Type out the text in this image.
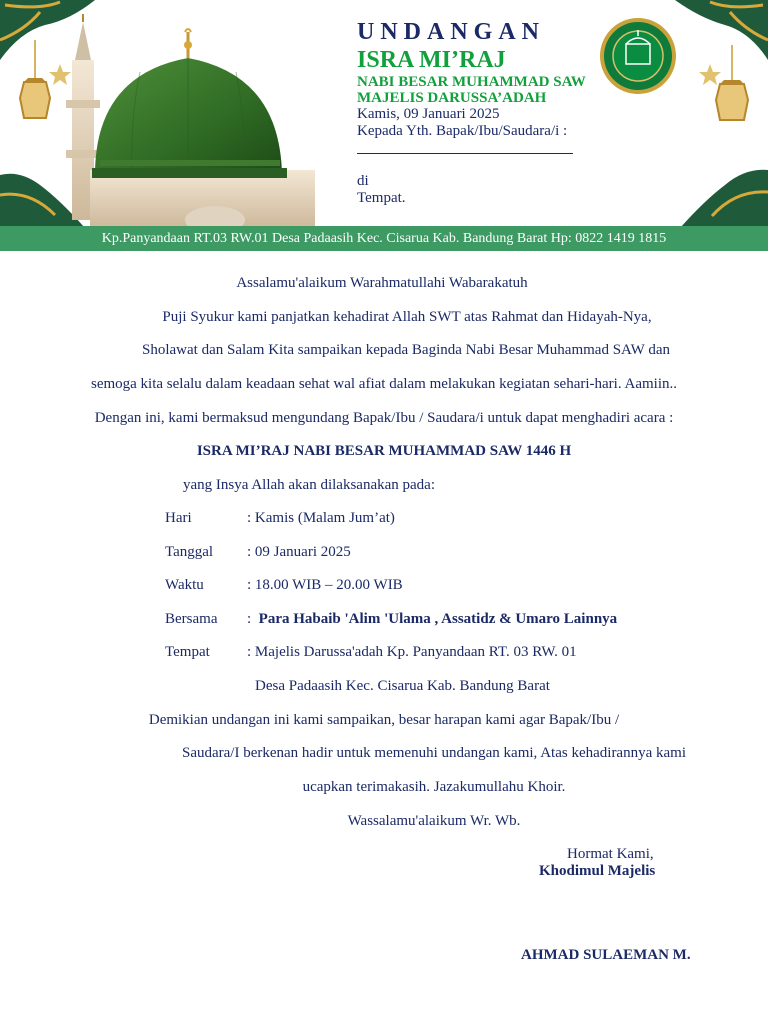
UNDANGAN
ISRA MI’RAJ
NABI BESAR MUHAMMAD SAW
MAJELIS DARUSSA’ADAH
Kamis, 09 Januari 2025
Kepada Yth. Bapak/Ibu/Saudara/i :
di
Tempat.
Kp.Panyandaan RT.03 RW.01 Desa Padaasih Kec. Cisarua Kab. Bandung Barat Hp: 0822 1419 1815
Assalamu'alaikum Warahmatullahi Wabarakatuh
Puji Syukur kami panjatkan kehadirat Allah SWT atas Rahmat dan Hidayah-Nya,
Sholawat dan Salam Kita sampaikan kepada Baginda Nabi Besar Muhammad SAW dan
semoga kita selalu dalam keadaan sehat wal afiat dalam melakukan kegiatan sehari-hari. Aamiin..
Dengan ini, kami bermaksud mengundang Bapak/Ibu / Saudara/i untuk dapat menghadiri acara :
ISRA MI’RAJ NABI BESAR MUHAMMAD SAW 1446 H
yang Insya Allah akan dilaksanakan pada:
Hari	: Kamis (Malam Jum’at)
Tanggal : 09 Januari 2025
Waktu	: 18.00 WIB – 20.00 WIB
Bersama :  Para Habaib 'Alim 'Ulama , Assatidz & Umaro Lainnya
Tempat : Majelis Darussa'adah Kp. Panyandaan RT. 03 RW. 01
Desa Padaasih Kec. Cisarua Kab. Bandung Barat
Demikian undangan ini kami sampaikan, besar harapan kami agar Bapak/Ibu /
Saudara/I berkenan hadir untuk memenuhi undangan kami, Atas kehadirannya kami
ucapkan terimakasih. Jazakumullahu Khoir.
Wassalamu'alaikum Wr. Wb.
Hormat Kami,
Khodimul Majelis
AHMAD SULAEMAN M.
